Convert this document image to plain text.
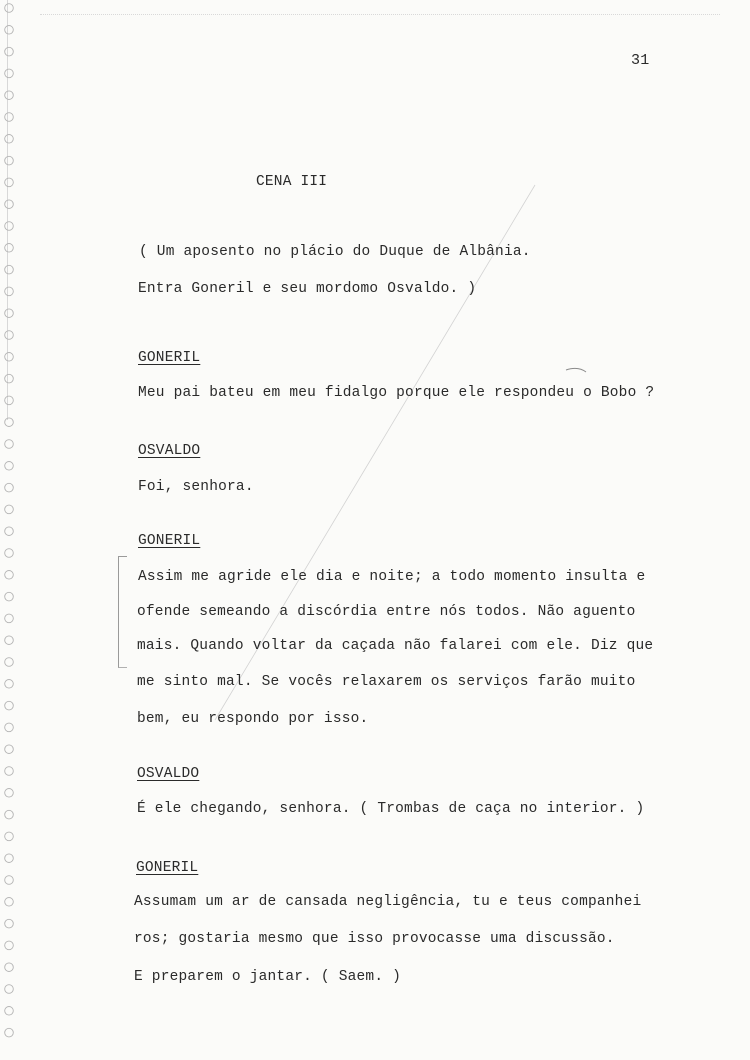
31
CENA III
( Um aposento no plácio do Duque de Albânia.
Entra Goneril e seu mordomo Osvaldo. )
GONERIL
Meu pai bateu em meu fidalgo porque ele respondeu o Bobo ?
OSVALDO
Foi, senhora.
GONERIL
Assim me agride ele dia e noite; a todo momento insulta e
ofende semeando a discórdia entre nós todos. Não aguento
mais. Quando voltar da caçada não falarei com ele. Diz que
me sinto mal. Se vocês relaxarem os serviços farão muito
bem, eu respondo por isso.
OSVALDO
É ele chegando, senhora. ( Trombas de caça no interior. )
GONERIL
Assumam um ar de cansada negligência, tu e teus companhei
ros; gostaria mesmo que isso provocasse uma discussão.
E preparem o jantar. ( Saem. )
